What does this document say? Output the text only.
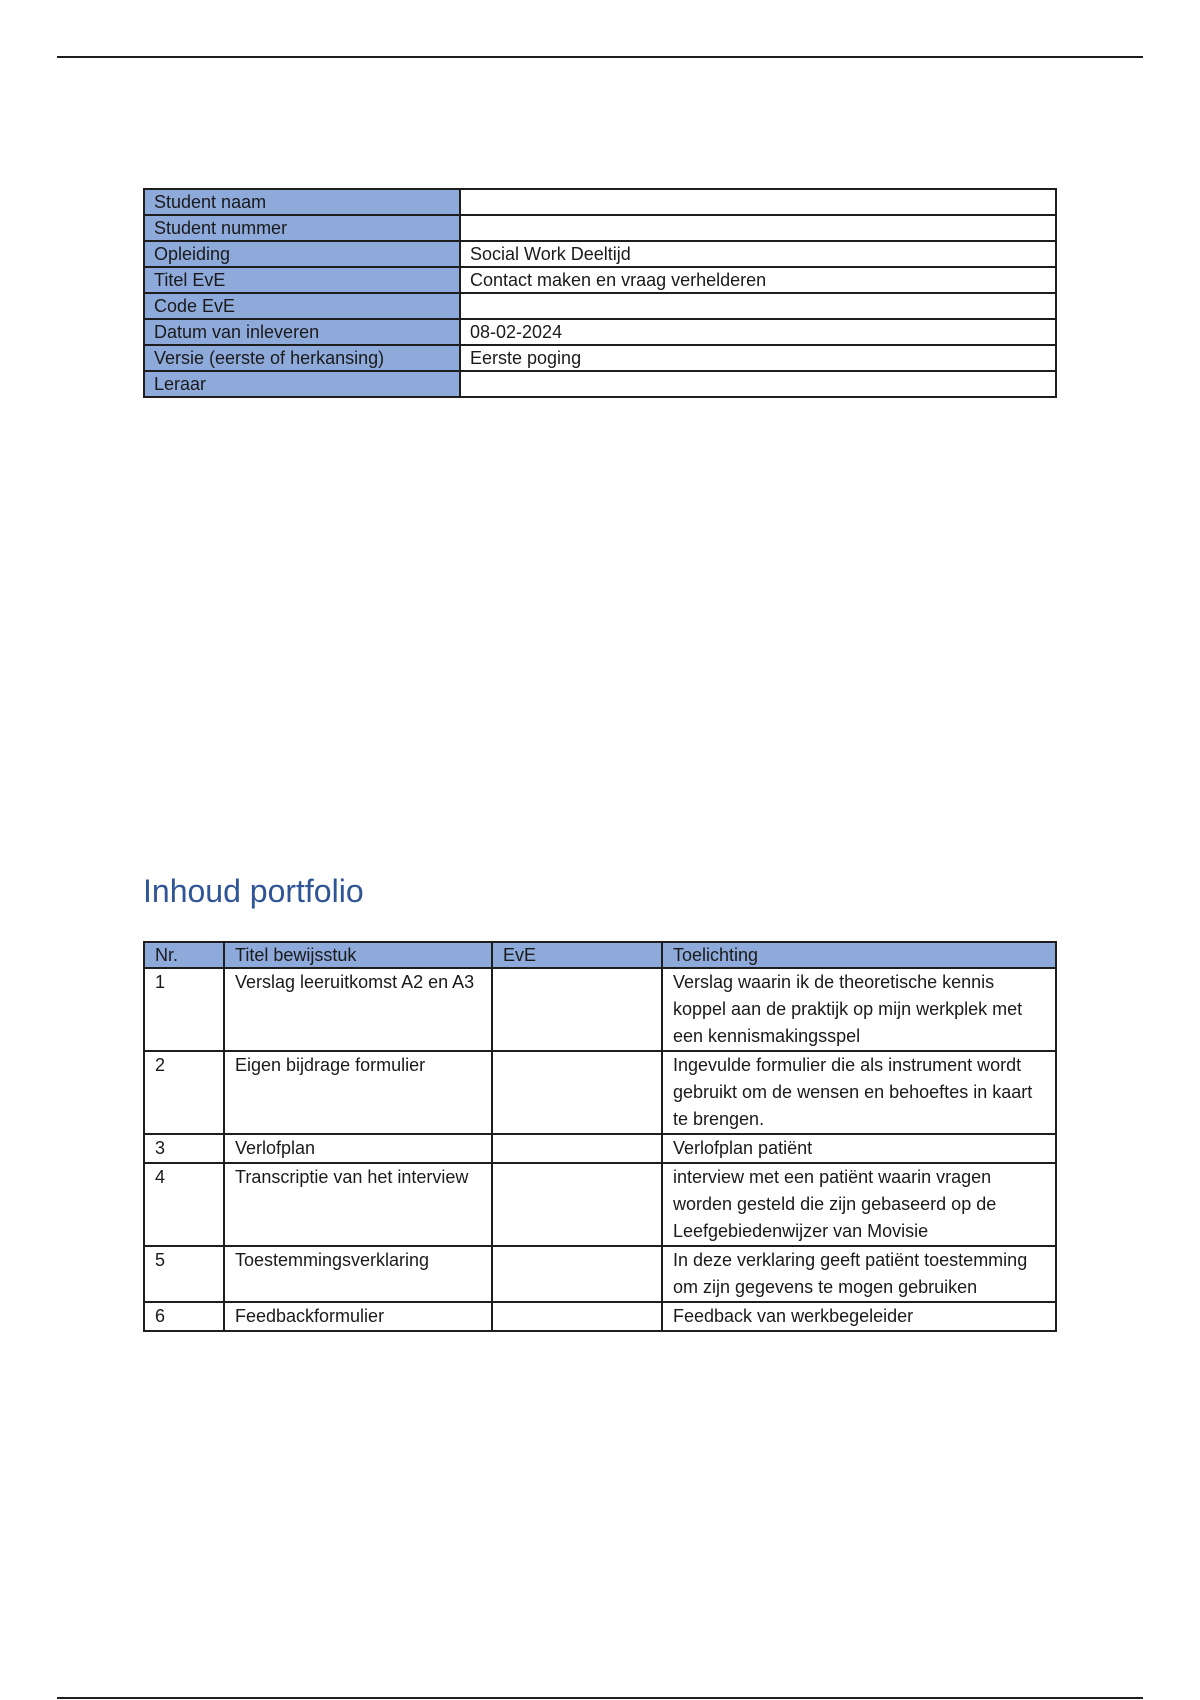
Student naam	
Student nummer	
Opleiding	Social Work Deeltijd
Titel EvE	Contact maken en vraag verhelderen
Code EvE	
Datum van inleveren	08-02-2024
Versie (eerste of herkansing)	Eerste poging
Leraar	
Inhoud portfolio
Nr.	Titel bewijsstuk	EvE	Toelichting
1	Verslag leeruitkomst A2 en A3		Verslag waarin ik de theoretische kennis koppel aan de praktijk op mijn werkplek met een kennismakingsspel
2	Eigen bijdrage formulier		Ingevulde formulier die als instrument wordt gebruikt om de wensen en behoeftes in kaart te brengen.
3	Verlofplan		Verlofplan patiënt
4	Transcriptie van het interview		interview met een patiënt waarin vragen worden gesteld die zijn gebaseerd op de Leefgebiedenwijzer van Movisie
5	Toestemmingsverklaring		In deze verklaring geeft patiënt toestemming om zijn gegevens te mogen gebruiken
6	Feedbackformulier		Feedback van werkbegeleider
